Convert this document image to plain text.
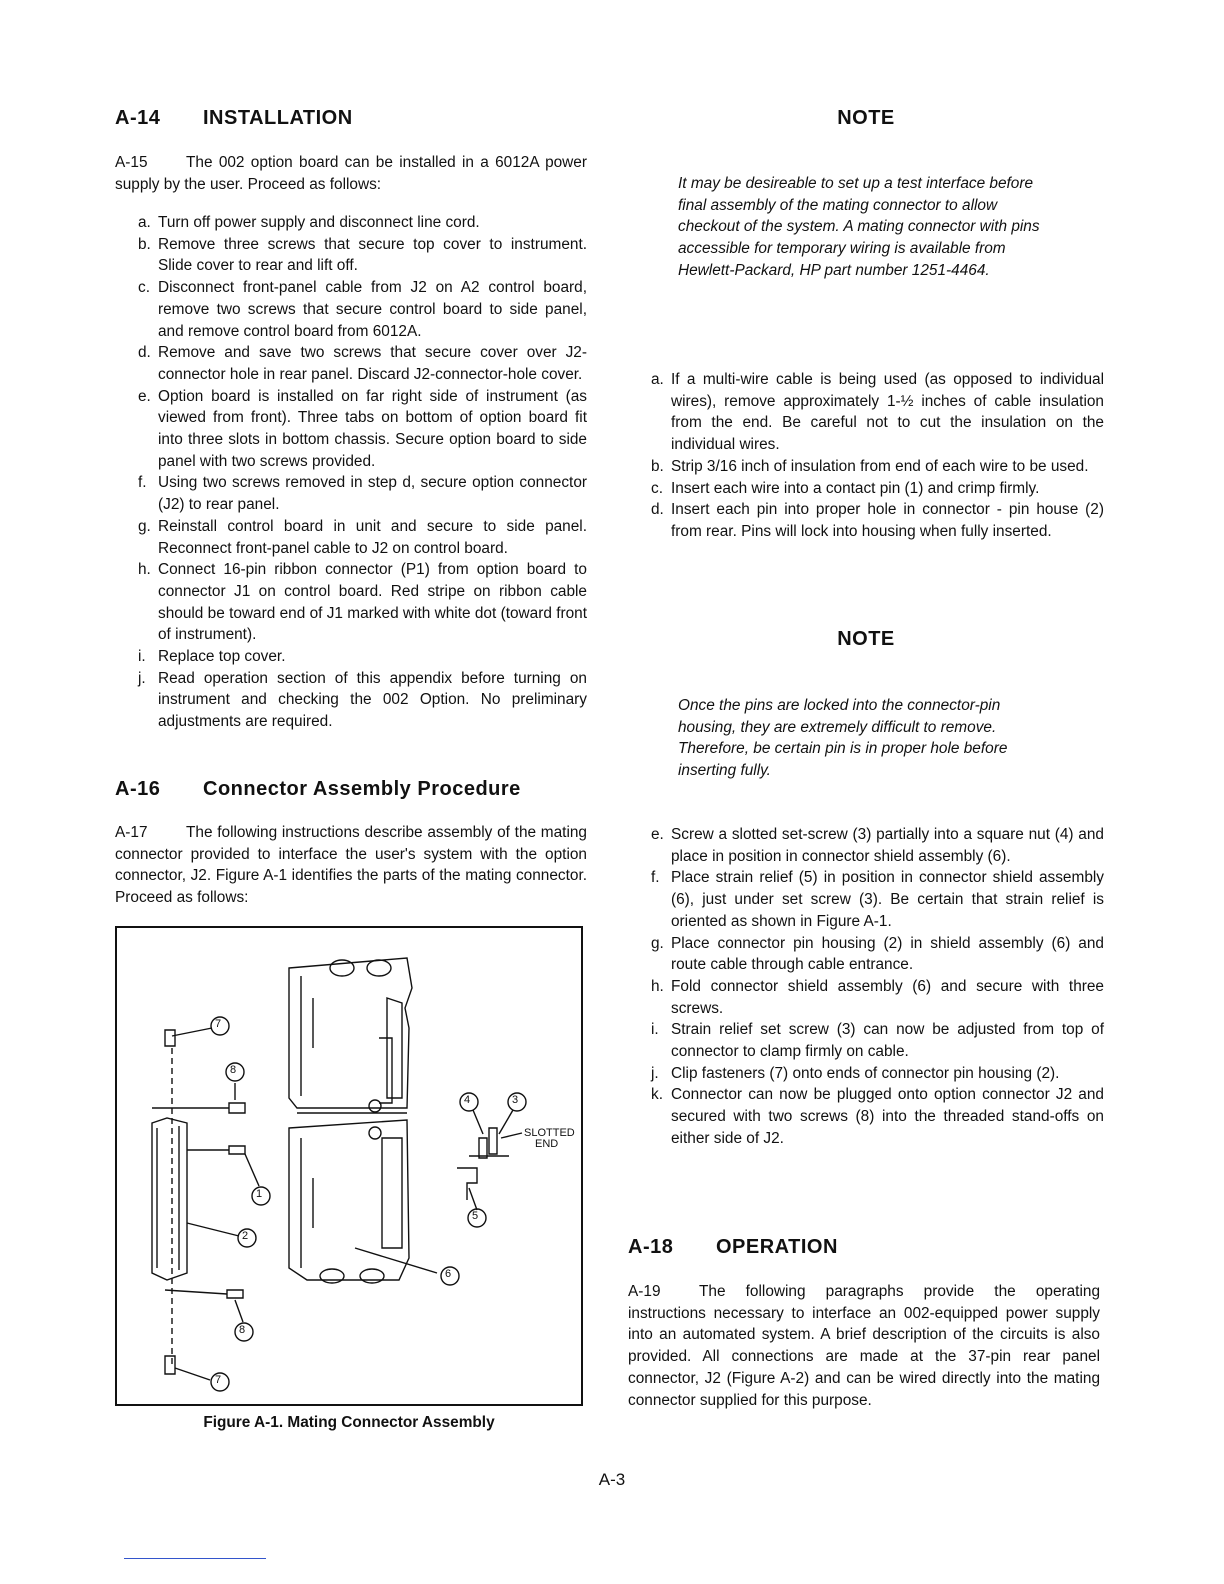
A-14 INSTALLATION

A-15 The 002 option board can be installed in a 6012A power supply by the user. Proceed as follows:

a. Turn off power supply and disconnect line cord.
b. Remove three screws that secure top cover to instrument. Slide cover to rear and lift off.
c. Disconnect front-panel cable from J2 on A2 control board, remove two screws that secure control board to side panel, and remove control board from 6012A.
d. Remove and save two screws that secure cover over J2-connector hole in rear panel. Discard J2-connector-hole cover.
e. Option board is installed on far right side of instrument (as viewed from front). Three tabs on bottom of option board fit into three slots in bottom chassis. Secure option board to side panel with two screws provided.
f. Using two screws removed in step d, secure option connector (J2) to rear panel.
g. Reinstall control board in unit and secure to side panel. Reconnect front-panel cable to J2 on control board.
h. Connect 16-pin ribbon connector (P1) from option board to connector J1 on control board. Red stripe on ribbon cable should be toward end of J1 marked with white dot (toward front of instrument).
i. Replace top cover.
j. Read operation section of this appendix before turning on instrument and checking the 002 Option. No preliminary adjustments are required.
A-16 Connector Assembly Procedure

A-17 The following instructions describe assembly of the mating connector provided to interface the user's system with the option connector, J2. Figure A-1 identifies the parts of the mating connector. Proceed as follows:

7
8
1
2
8
7
4	3
5
6
SLOTTED
END
Figure A-1. Mating Connector Assembly
NOTE

It may be desireable to set up a test interface before final assembly of the mating connector to allow checkout of the system. A mating connector with pins accessible for temporary wiring is available from Hewlett-Packard, HP part number 1251-4464.

a. If a multi-wire cable is being used (as opposed to individual wires), remove approximately 1-½ inches of cable insulation from the end. Be careful not to cut the insulation on the individual wires.
b. Strip 3/16 inch of insulation from end of each wire to be used.
c. Insert each wire into a contact pin (1) and crimp firmly.
d. Insert each pin into proper hole in connector - pin house (2) from rear. Pins will lock into housing when fully inserted.
NOTE

Once the pins are locked into the connector-pin housing, they are extremely difficult to remove. Therefore, be certain pin is in proper hole before inserting fully.

e. Screw a slotted set-screw (3) partially into a square nut (4) and place in position in connector shield assembly (6).
f. Place strain relief (5) in position in connector shield assembly (6), just under set screw (3). Be certain that strain relief is oriented as shown in Figure A-1.
g. Place connector pin housing (2) in shield assembly (6) and route cable through cable entrance.
h. Fold connector shield assembly (6) and secure with three screws.
i. Strain relief set screw (3) can now be adjusted from top of connector to clamp firmly on cable.
j. Clip fasteners (7) onto ends of connector pin housing (2).
k. Connector can now be plugged onto option connector J2 and secured with two screws (8) into the threaded stand-offs on either side of J2.
A-18 OPERATION

A-19 The following paragraphs provide the operating instructions necessary to interface an 002-equipped power supply into an automated system. A brief description of the circuits is also provided. All connections are made at the 37-pin rear panel connector, J2 (Figure A-2) and can be wired directly into the mating connector supplied for this purpose.

A-3
